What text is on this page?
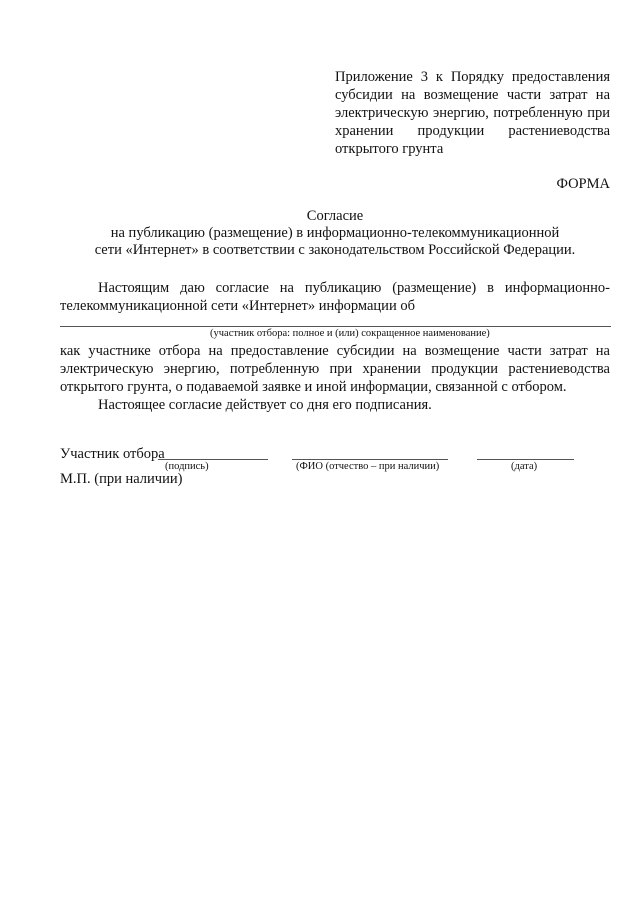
Приложение 3 к Порядку предоставления субсидии на возмещение части затрат на электрическую энергию, потребленную при хранении продукции растениеводства открытого грунта
ФОРМА
Согласие
на публикацию (размещение) в информационно-телекоммуникационной
сети «Интернет» в соответствии с законодательством Российской Федерации.
Настоящим даю согласие на публикацию (размещение) в информационно-телекоммуникационной сети «Интернет» информации об
(участник отбора: полное и (или) сокращенное наименование)
как участнике отбора на предоставление субсидии на возмещение части затрат на электрическую энергию, потребленную при хранении продукции растениеводства открытого грунта, о подаваемой заявке и иной информации, связанной с отбором.
Настоящее согласие действует со дня его подписания.
Участник отбора
(подпись)	(ФИО (отчество – при наличии)	(дата)
М.П. (при наличии)
